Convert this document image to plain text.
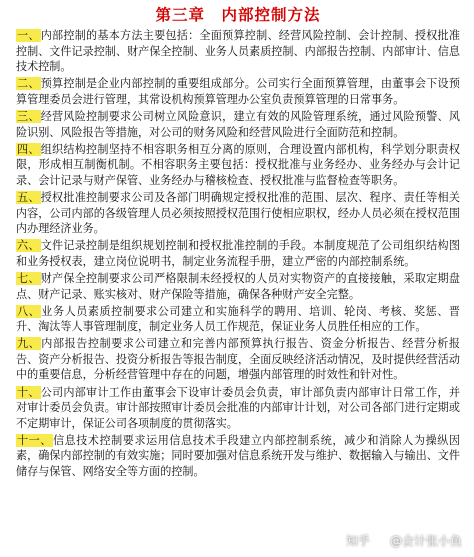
第三章　内部控制方法
一、内部控制的基本方法主要包括：全面预算控制、经营风险控制、会计控制、授权批准控制、文件记录控制、财产保全控制、业务人员素质控制、内部报告控制、内部审计、信息技术控制。
二、预算控制是企业内部控制的重要组成部分。公司实行全面预算管理，由董事会下设预算管理委员会进行管理，其常设机构预算管理办公室负责预算管理的日常事务。
三、经营风险控制要求公司树立风险意识，建立有效的风险管理系统，通过风险预警、风险识别、风险报告等措施，对公司的财务风险和经营风险进行全面防范和控制。
四、组织结构控制坚持不相容职务相互分离的原则，合理设置内部机构，科学划分职责权限，形成相互制衡机制。不相容职务主要包括：授权批准与业务经办、业务经办与会计记录、会计记录与财产保管、业务经办与稽核检查、授权批准与监督检查等职务。
五、授权批准控制要求公司及各部门明确规定授权批准的范围、层次、程序、责任等相关内容，公司内部的各级管理人员必须按照授权范围行使相应职权，经办人员必须在授权范围内办理经济业务。
六、文件记录控制是组织规划控制和授权批准控制的手段。本制度规范了公司组织结构图和业务授权表，建立岗位说明书，制定业务流程手册，建立严密的内部控制系统。
七、财产保全控制要求公司严格限制未经授权的人员对实物资产的直接接触，采取定期盘点、财产记录、账实核对、财产保险等措施，确保各种财产安全完整。
八、业务人员素质控制要求公司建立和实施科学的聘用、培训、轮岗、考核、奖惩、晋升、淘汰等人事管理制度，制定业务人员工作规范，保证业务人员胜任相应的工作。
九、内部报告控制要求公司建立和完善内部预算执行报告、资金分析报告、经营分析报告、资产分析报告、投资分析报告等报告制度，全面反映经济活动情况，及时提供经营活动中的重要信息，分析经营管理中存在的问题，增强内部管理的时效性和针对性。
十、公司内部审计工作由董事会下设审计委员会负责，审计部负责内部审计日常工作，并对审计委员会负责。审计部按照审计委员会批准的内部审计计划，对公司各部门进行定期或不定期审计，保证公司各项制度的贯彻落实。
十一、信息技术控制要求运用信息技术手段建立内部控制系统，减少和消除人为操纵因素，确保内部控制的有效实施；同时要加强对信息系统开发与维护、数据输入与输出、文件储存与保管、网络安全等方面的控制。
知乎 @会计张小鱼
